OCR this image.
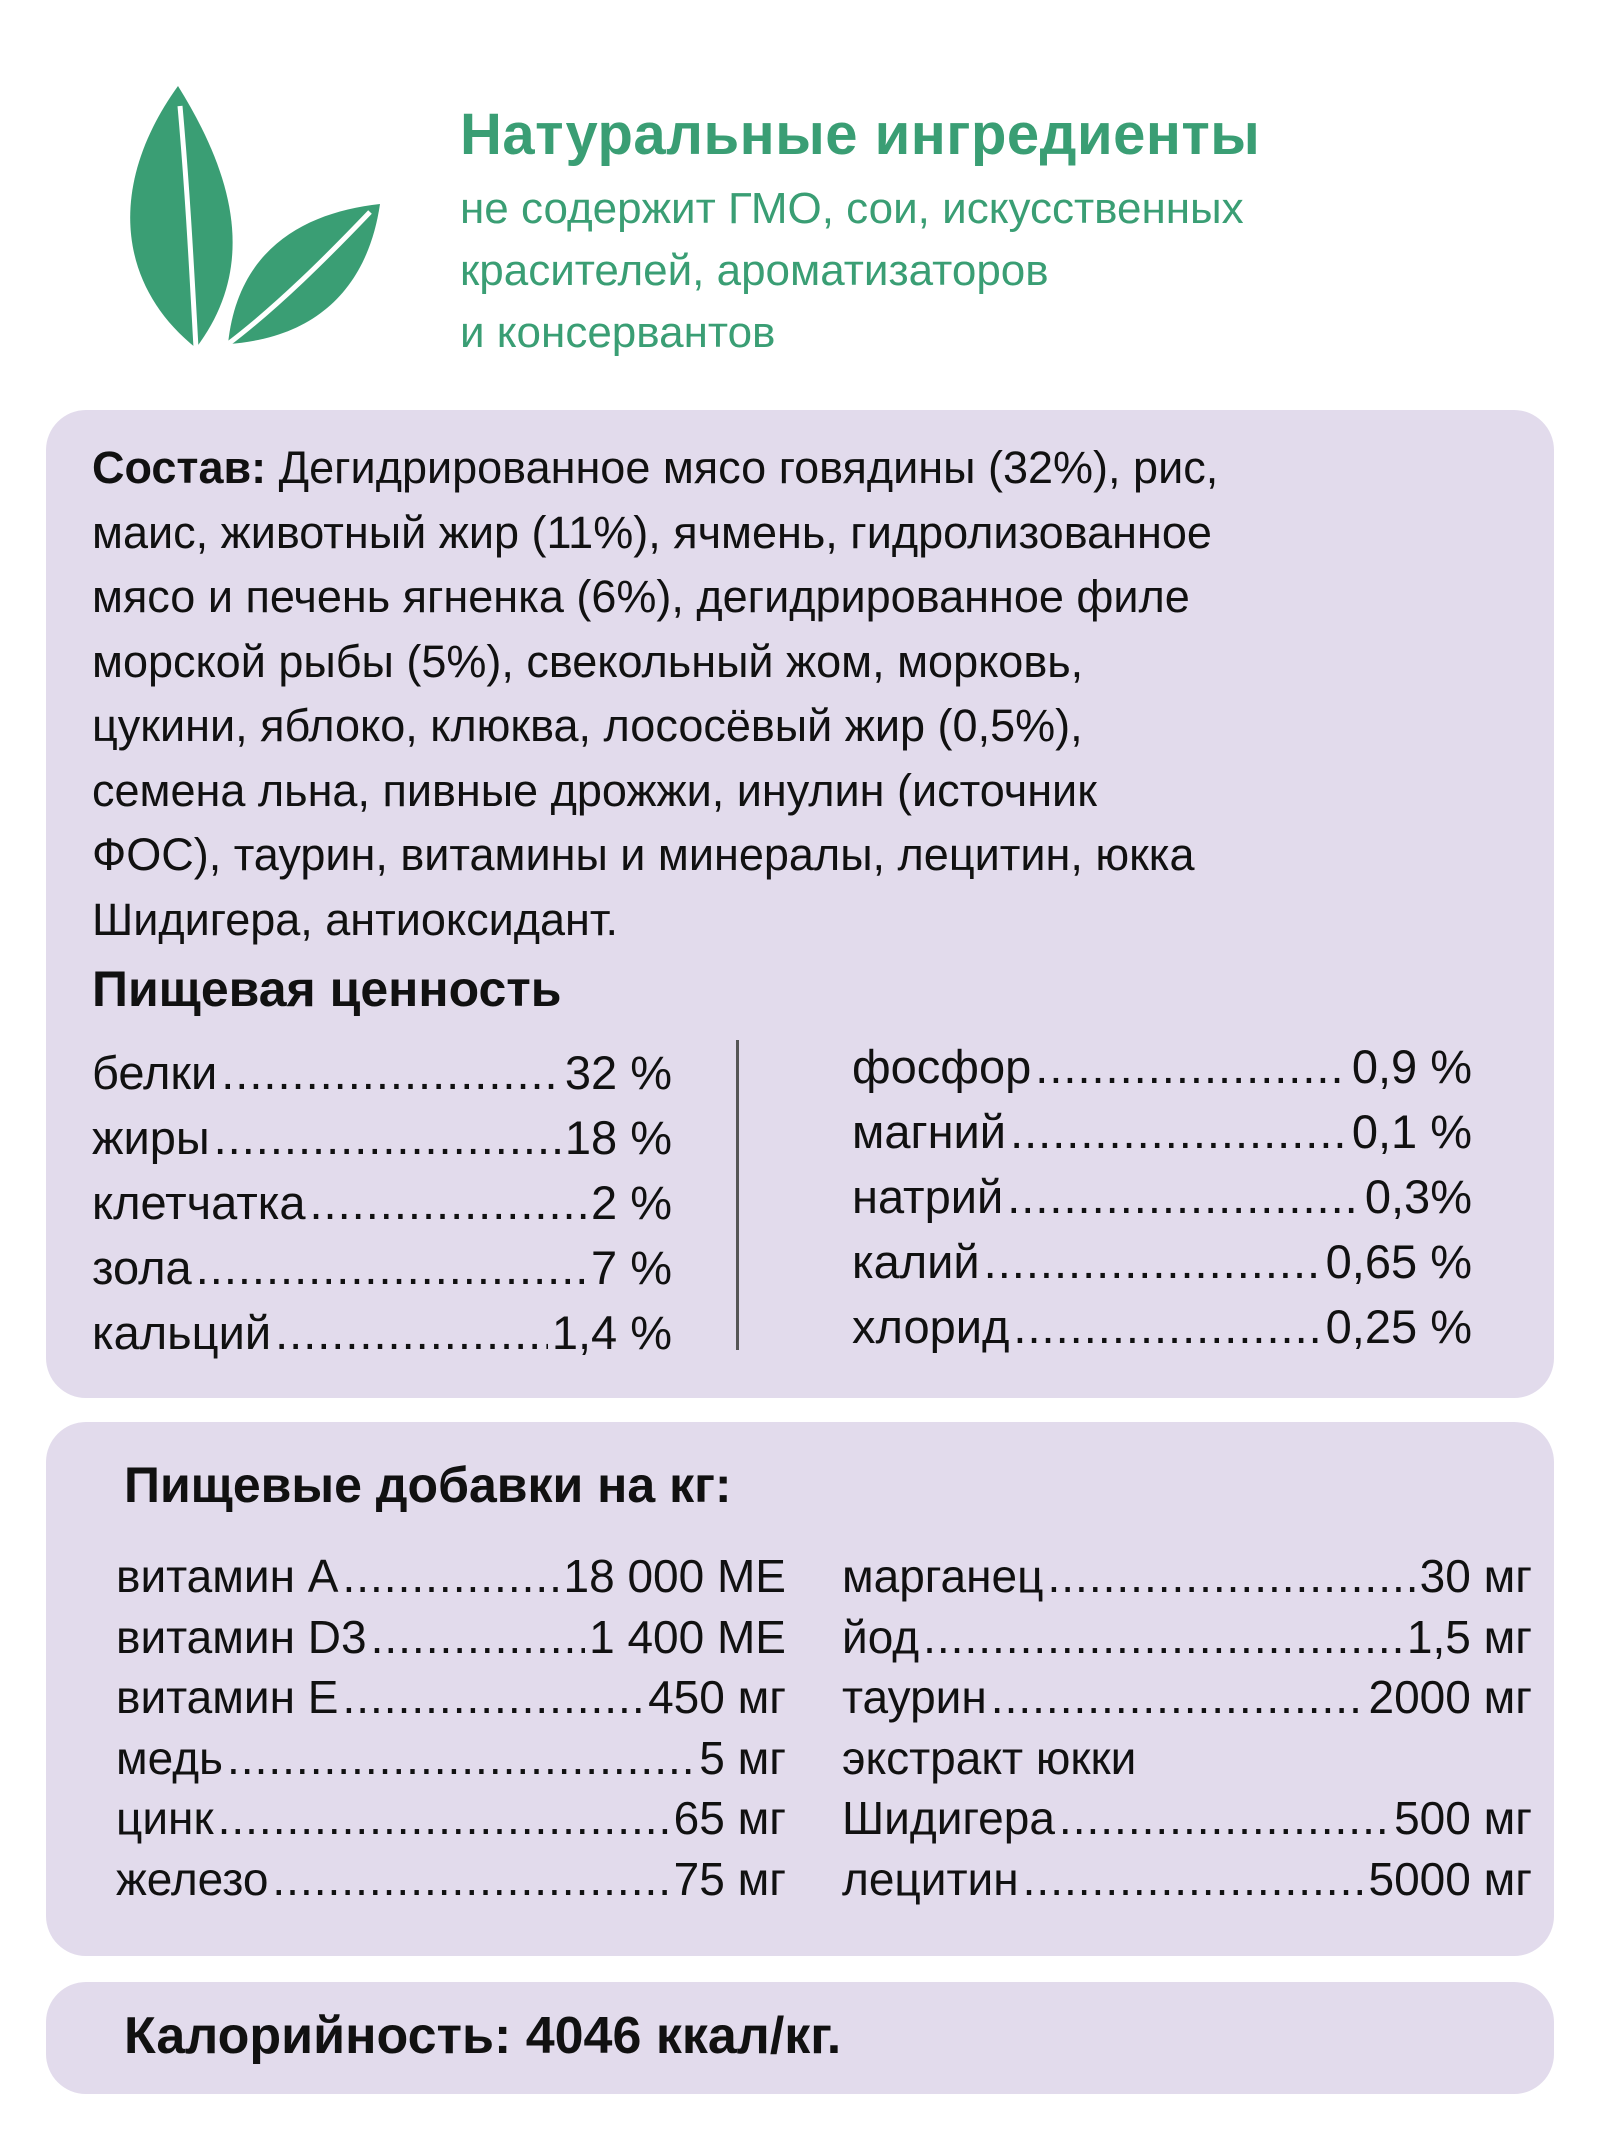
Натуральные ингредиенты
не содержит ГМО, сои, искусственных
красителей, ароматизаторов
и консервантов
Состав: Дегидрированное мясо говядины (32%), рис,
маис, животный жир (11%), ячмень, гидролизованное
мясо и печень ягненка (6%), дегидрированное филе
морской рыбы (5%), свекольный жом, морковь,
цукини, яблоко, клюква, лососёвый жир (0,5%),
семена льна, пивные дрожжи, инулин (источник
ФОС), таурин, витамины и минералы, лецитин, юкка
Шидигера, антиоксидант.
Пищевая ценность
белки .....	32 %
жиры .....	18 %
клетчатка .....	2 %
зола .....	7 %
кальций .....	1,4 %
фосфор .....	0,9 %
магний .....	0,1 %
натрий .....	0,3%
калий .....	0,65 %
хлорид .....	0,25 %
Пищевые добавки на кг:
витамин А .....	18 000 МЕ
витамин D3 .....	1 400 МЕ
витамин Е .....	450 мг
медь .....	5 мг
цинк .....	65 мг
железо .....	75 мг
марганец .....	30 мг
йод .....	1,5 мг
таурин .....	2000 мг
экстракт юкки
Шидигера .....	500 мг
лецитин .....	5000 мг
Калорийность: 4046 ккал/кг.
